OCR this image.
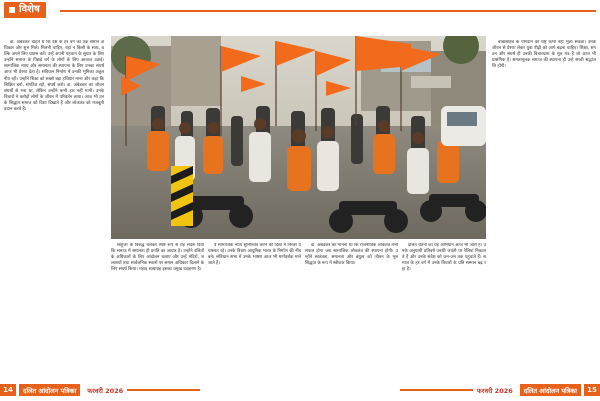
विशेष

डा. अंबेडकर चाहते थे कि देश के हर वर्ग को एक समान अधिकार और शुभ मिले। मिलनी चाहिए, वहां न किसी के साथ, बल्कि अपने लिए प्रयास करें। उन्हें अपनी पहचान के सुधार के लिए उन्होंने समाज के पिछड़े वर्ग के लोगों के लिए आवाज उठाई। सामाजिक न्याय और समानता की स्थापना के लिए उनका संघर्ष आज भी प्रेरणा देता है। संविधान निर्माण में उनकी भूमिका अतुलनीय रही। उन्होंने शिक्षा को सबसे बड़ा हथियार माना और कहा कि शिक्षित बनो, संगठित रहो, संघर्ष करो। डा. अंबेडकर का जीवन संघर्षों से भरा था, लेकिन उन्होंने कभी हार नहीं मानी। उनके विचारों ने करोड़ों लोगों के जीवन में परिवर्तन लाया। आज भी उनके सिद्धांत समाज को दिशा दिखाते हैं और लोकतंत्र को मजबूती प्रदान करते हैं।

साहूजी के विरुद्ध चलकर स्पष्ट रूप से यह संदेश दिया कि समाज में समानता ही प्रगति का आधार है। उन्होंने दलितों के अधिकारों के लिए आंदोलन चलाए और उन्हें मंदिरों, जलाशयों तथा सार्वजनिक स्थानों पर समान अधिकार दिलाने के लिए संघर्ष किया। महाड़ सत्याग्रह इसका प्रमुख उदाहरण है।

वे सामाजिक न्याय सुनिश्चित करने की दिशा में निरंतर प्रयासरत रहे। उनके विचार आधुनिक भारत के निर्माण की नींव बने। संविधान सभा में उनके भाषण आज भी मार्गदर्शक माने जाते हैं।

डा. अंबेडकर का मानना था कि राजनीतिक लोकतंत्र तभी सफल होगा जब सामाजिक लोकतंत्र की स्थापना होगी। उन्होंने स्वतंत्रता, समानता और बंधुत्व को जीवन के मूल सिद्धांत के रूप में स्वीकार किया।

दलित चेतना का यह अभियान आज भी जारी है। उनके अनुयायी प्रतिवर्ष उनकी जयंती पर रैलियां निकालते हैं और उनके संदेश को जन-जन तक पहुंचाते हैं। समाज के हर वर्ग में उनके विचारों के प्रति सम्मान बढ़ रहा है।

बाबासाहेब के योगदान को राष्ट्र कभी नहीं भुला सकता। उनके जीवन से प्रेरणा लेकर युवा पीढ़ी को आगे बढ़ना चाहिए। शिक्षा, संगठन और संघर्ष ही उनकी विचारधारा के मूल मंत्र हैं जो आज भी प्रासंगिक हैं। समतामूलक समाज की स्थापना ही उन्हें सच्ची श्रद्धांजलि होगी।

14	दलित आंदोलन पत्रिका	फरवरी 2026	फरवरी 2026	दलित आंदोलन पत्रिका	15
